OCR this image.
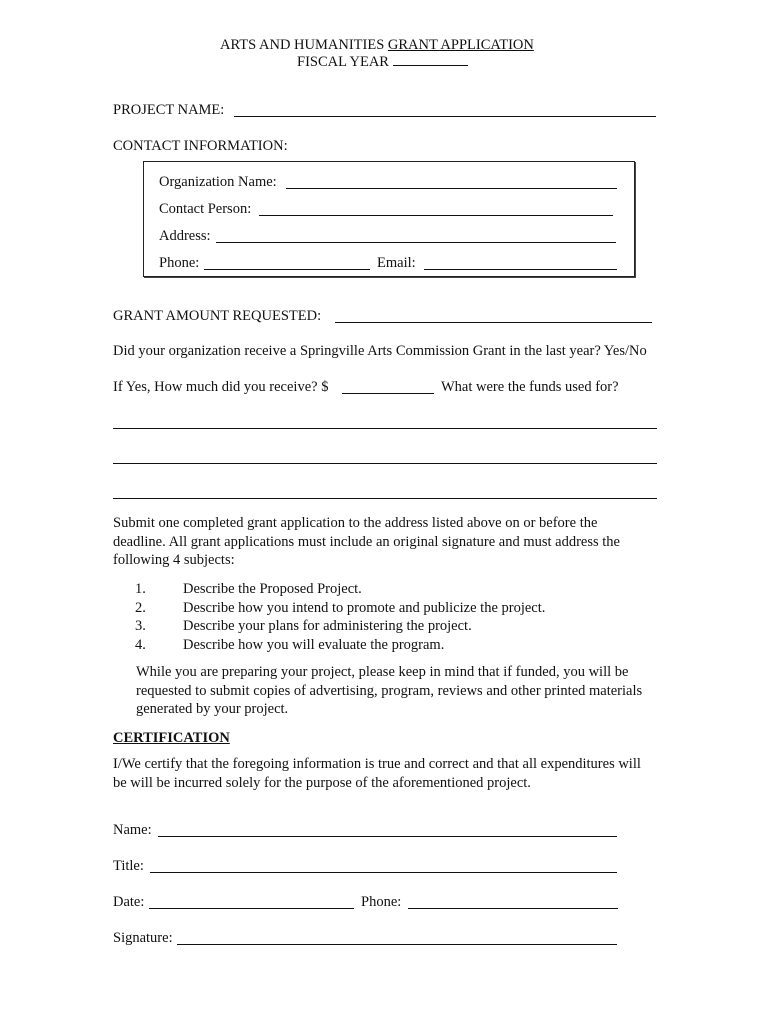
ARTS AND HUMANITIES GRANT APPLICATION
FISCAL YEAR
PROJECT NAME:
CONTACT INFORMATION:
Organization Name:
Contact Person:
Address:
Phone:	Email:
GRANT AMOUNT REQUESTED:
Did your organization receive a Springville Arts Commission Grant in the last year? Yes/No
If Yes, How much did you receive? $	What were the funds used for?
Submit one completed grant application to the address listed above on or before the deadline. All grant applications must include an original signature and must address the following 4 subjects:
1.	Describe the Proposed Project.
2.	Describe how you intend to promote and publicize the project.
3.	Describe your plans for administering the project.
4.	Describe how you will evaluate the program.
While you are preparing your project, please keep in mind that if funded, you will be requested to submit copies of advertising, program, reviews and other printed materials generated by your project.
CERTIFICATION
I/We certify that the foregoing information is true and correct and that all expenditures will be will be incurred solely for the purpose of the aforementioned project.
Name:
Title:
Date:	Phone:
Signature:
